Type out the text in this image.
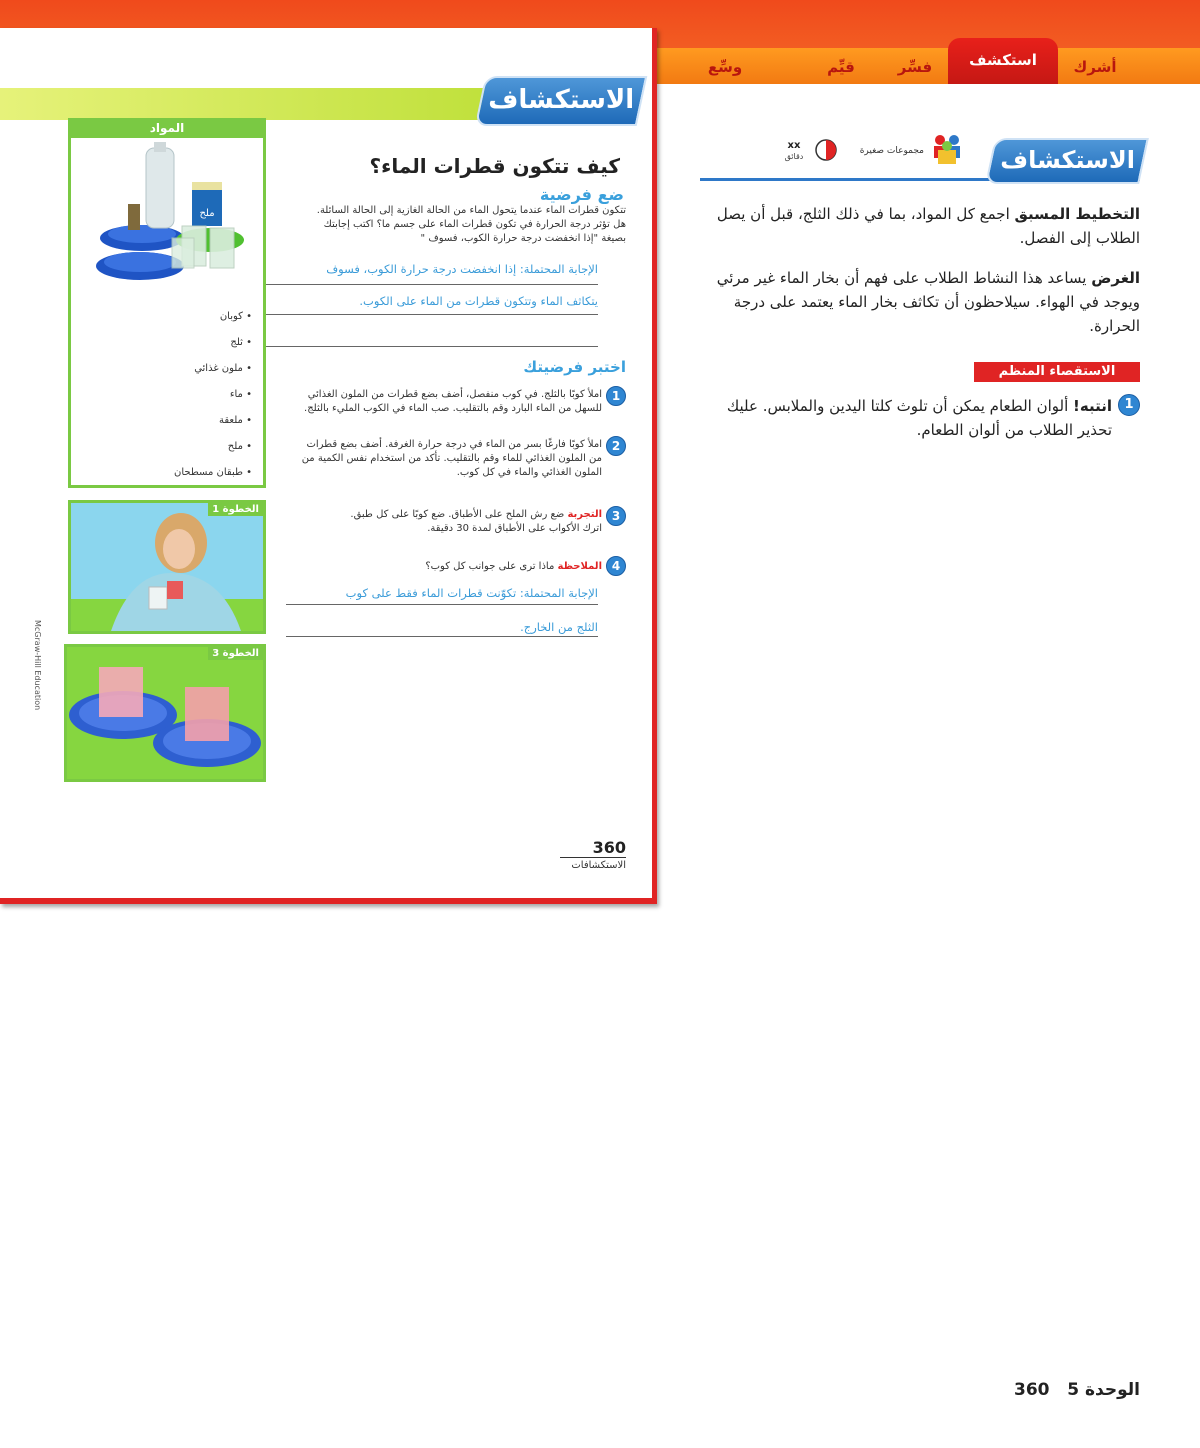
أشرك
استكشف
فسِّر
قيِّم
وسِّع
الاستكشاف
كيف تتكون قطرات الماء؟
ضع فرضية
تتكون قطرات الماء عندما يتحول الماء من الحالة الغازية إلى الحالة السائلة.
هل تؤثر درجة الحرارة في تكون قطرات الماء على جسم ما؟ اكتب إجابتك
بصيغة "إذا انخفضت درجة حرارة الكوب، فسوف "
الإجابة المحتملة: إذا انخفضت درجة حرارة الكوب، فسوف
يتكاثف الماء وتتكون قطرات من الماء على الكوب.
اختبر فرضيتك
1
املأ كوبًا بالثلج. في كوب منفصل، أضف بضع قطرات من الملون الغذائي
للسهل من الماء البارد وقم بالتقليب. صب الماء في الكوب المليء بالثلج.
2
املأ كوبًا فارغًا بسر من الماء في درجة حرارة الغرفة. أضف بضع قطرات
من الملون الغذائي للماء وقم بالتقليب. تأكد من استخدام نفس الكمية من
الملون الغذائي والماء في كل كوب.
3
التجربة ضع رش الملح على الأطباق. ضع كوبًا على كل طبق.
اترك الأكواب على الأطباق لمدة 30 دقيقة.
4
الملاحظة ماذا ترى على جوانب كل كوب؟
الإجابة المحتملة: تكوّنت قطرات الماء فقط على كوب
الثلج من الخارج.
المواد
ملح
• كوبان
• ثلج
• ملون غذائي
• ماء
• ملعقة
• ملح
• طبقان مسطحان
الخطوة 1
الخطوة 3
McGraw-Hill Education
360
الاستكشافات
الاستكشاف
مجموعات صغيرة
xx
دقائق
التخطيط المسبق اجمع كل المواد، بما في ذلك الثلج، قبل أن يصل الطلاب إلى الفصل.
الغرض يساعد هذا النشاط الطلاب على فهم أن بخار الماء غير مرئي ويوجد في الهواء. سيلاحظون أن تكاثف بخار الماء يعتمد على درجة الحرارة.
الاستقصاء المنظم
1
انتبه! ألوان الطعام يمكن أن تلوث كلتا اليدين والملابس. عليك تحذير الطلاب من ألوان الطعام.
الوحدة 5   360
